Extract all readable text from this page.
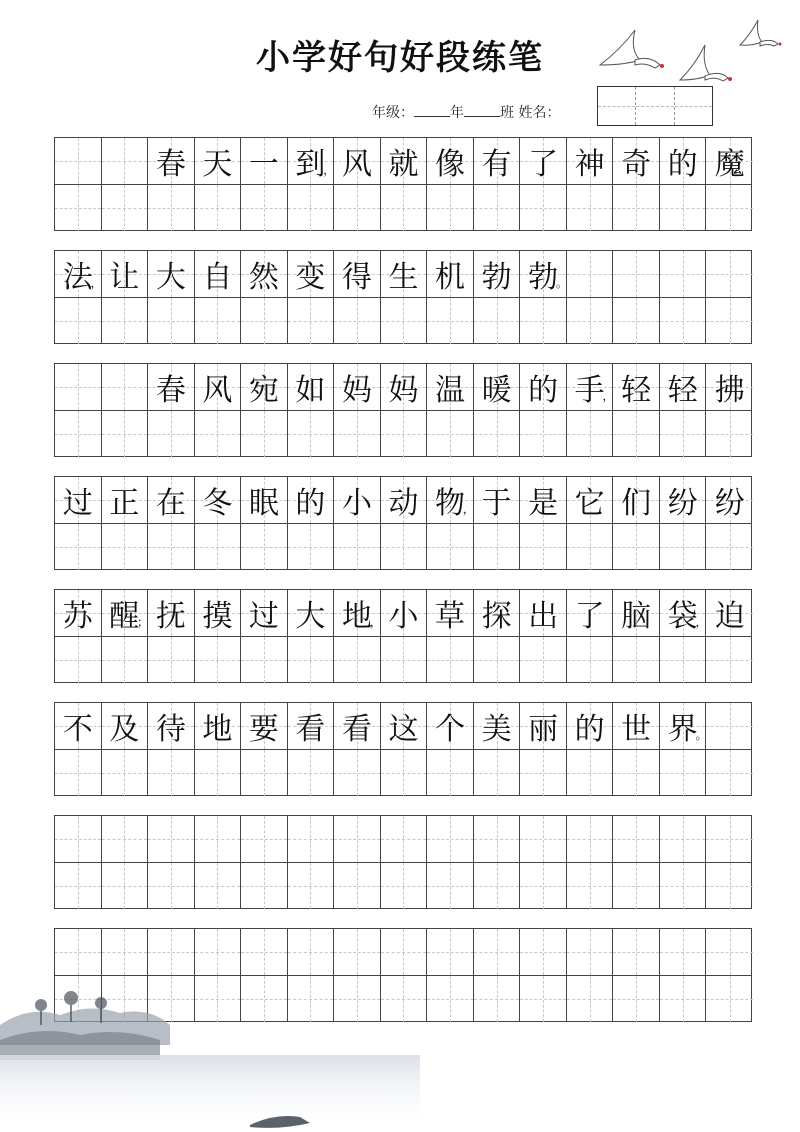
小学好句好段练笔
年级：	年	班 姓名：
春 天 一 到
， 风 就 像 有 了 神 奇 的 魔
法
， 让 大 自 然 变 得 生 机 勃 勃
。
春 风 宛 如 妈 妈 温 暖 的 手
， 轻 轻 拂
过 正 在 冬 眠 的 小 动 物
， 于 是 它 们 纷 纷
苏 醒
； 抚 摸 过 大 地
， 小 草 探 出 了 脑 袋
， 迫
不 及 待 地 要 看 看 这 个 美 丽 的 世 界
。
